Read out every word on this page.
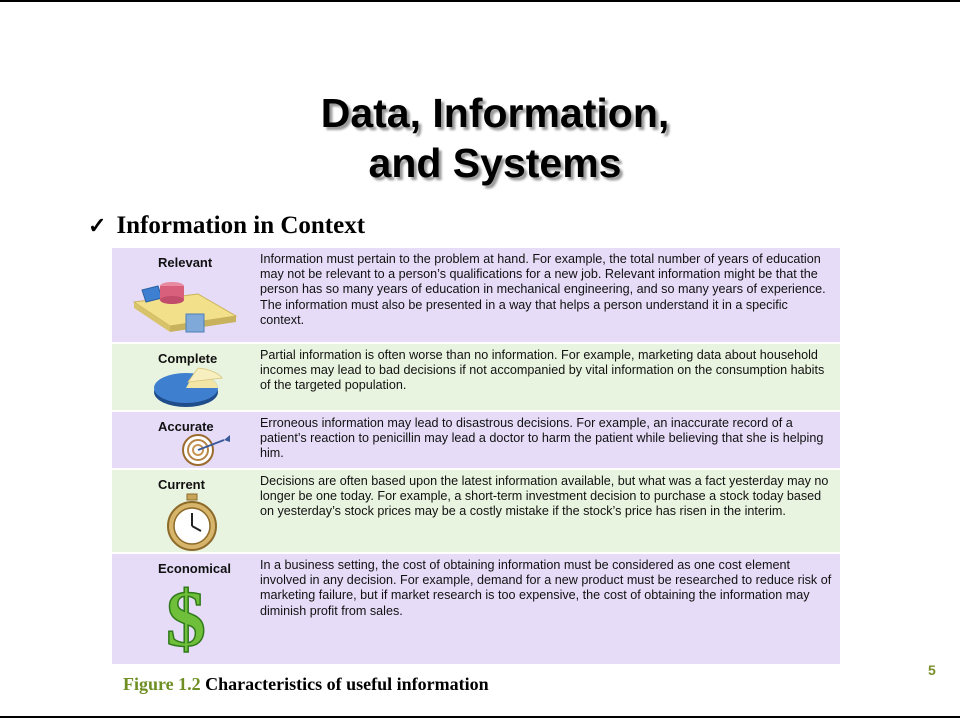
Data, Information,
and Systems
✓ Information in Context
Relevant	Information must pertain to the problem at hand. For example, the total number of years of education may not be relevant to a person’s qualifications for a new job. Relevant information might be that the person has so many years of education in mechanical engineering, and so many years of experience. The information must also be presented in a way that helps a person understand it in a specific context.
Complete	Partial information is often worse than no information. For example, marketing data about household incomes may lead to bad decisions if not accompanied by vital information on the consumption habits of the targeted population.
Accurate	Erroneous information may lead to disastrous decisions. For example, an inaccurate record of a patient’s reaction to penicillin may lead a doctor to harm the patient while believing that she is helping him.
Current	Decisions are often based upon the latest information available, but what was a fact yesterday may no longer be one today. For example, a short-term investment decision to purchase a stock today based on yesterday’s stock prices may be a costly mistake if the stock’s price has risen in the interim.
$
Economical	In a business setting, the cost of obtaining information must be considered as one cost element involved in any decision. For example, demand for a new product must be researched to reduce risk of marketing failure, but if market research is too expensive, the cost of obtaining the information may diminish profit from sales.
Figure 1.2 Characteristics of useful information
5
